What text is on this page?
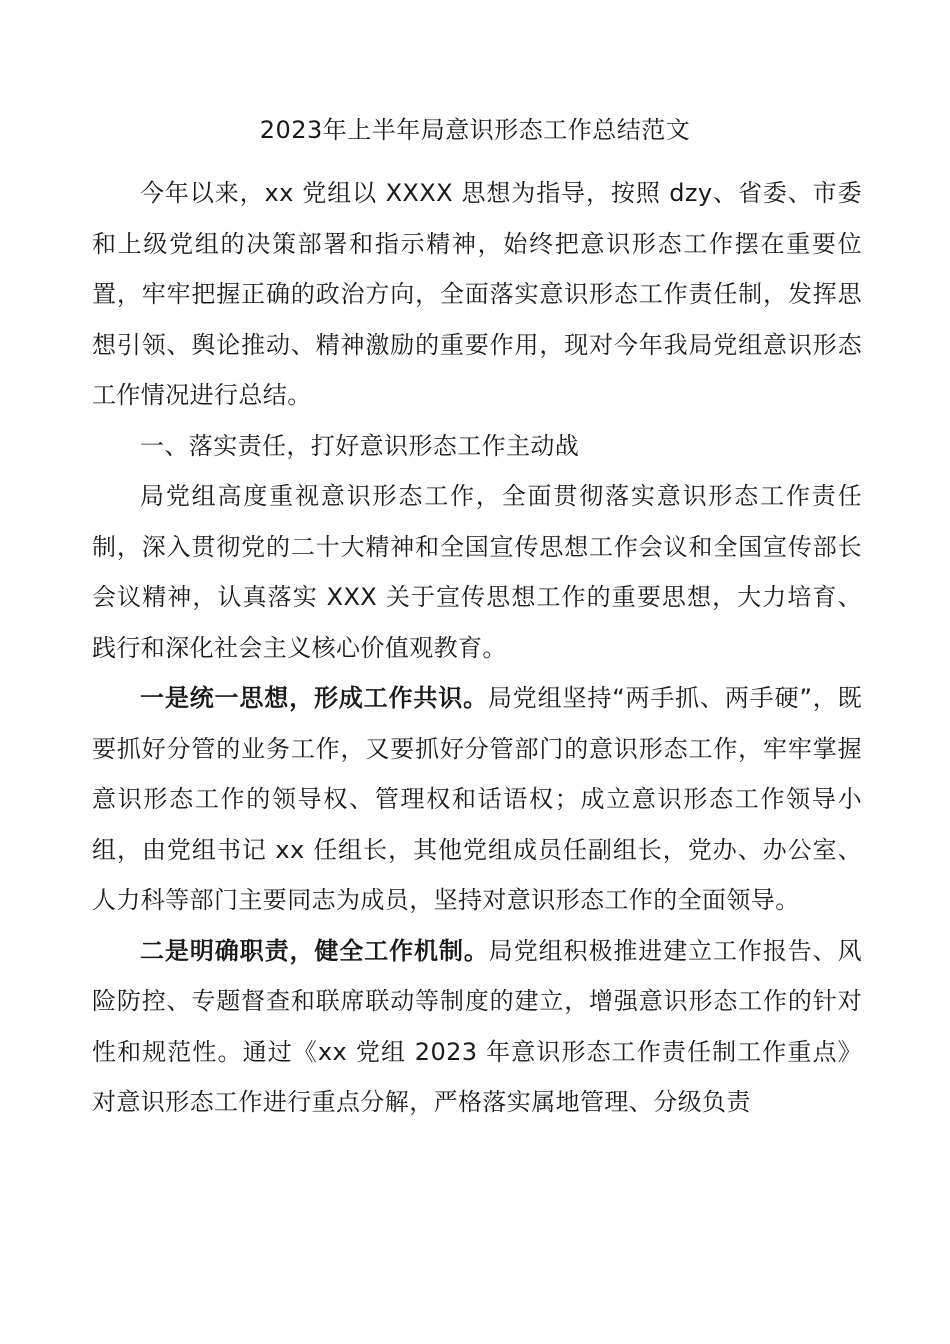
2023年上半年局意识形态工作总结范文

今年以来，xx 党组以 XXXX 思想为指导，按照 dzy、省委、市委和上级党组的决策部署和指示精神，始终把意识形态工作摆在重要位置，牢牢把握正确的政治方向，全面落实意识形态工作责任制，发挥思想引领、舆论推动、精神激励的重要作用，现对今年我局党组意识形态工作情况进行总结。

一、落实责任，打好意识形态工作主动战

局党组高度重视意识形态工作，全面贯彻落实意识形态工作责任制，深入贯彻党的二十大精神和全国宣传思想工作会议和全国宣传部长会议精神，认真落实 XXX 关于宣传思想工作的重要思想，大力培育、践行和深化社会主义核心价值观教育。

一是统一思想，形成工作共识。局党组坚持“两手抓、两手硬”，既要抓好分管的业务工作，又要抓好分管部门的意识形态工作，牢牢掌握意识形态工作的领导权、管理权和话语权；成立意识形态工作领导小组，由党组书记 xx 任组长，其他党组成员任副组长，党办、办公室、人力科等部门主要同志为成员，坚持对意识形态工作的全面领导。

二是明确职责，健全工作机制。局党组积极推进建立工作报告、风险防控、专题督查和联席联动等制度的建立，增强意识形态工作的针对性和规范性。通过《xx 党组 2023 年意识形态工作责任制工作重点》对意识形态工作进行重点分解，严格落实属地管理、分级负责
